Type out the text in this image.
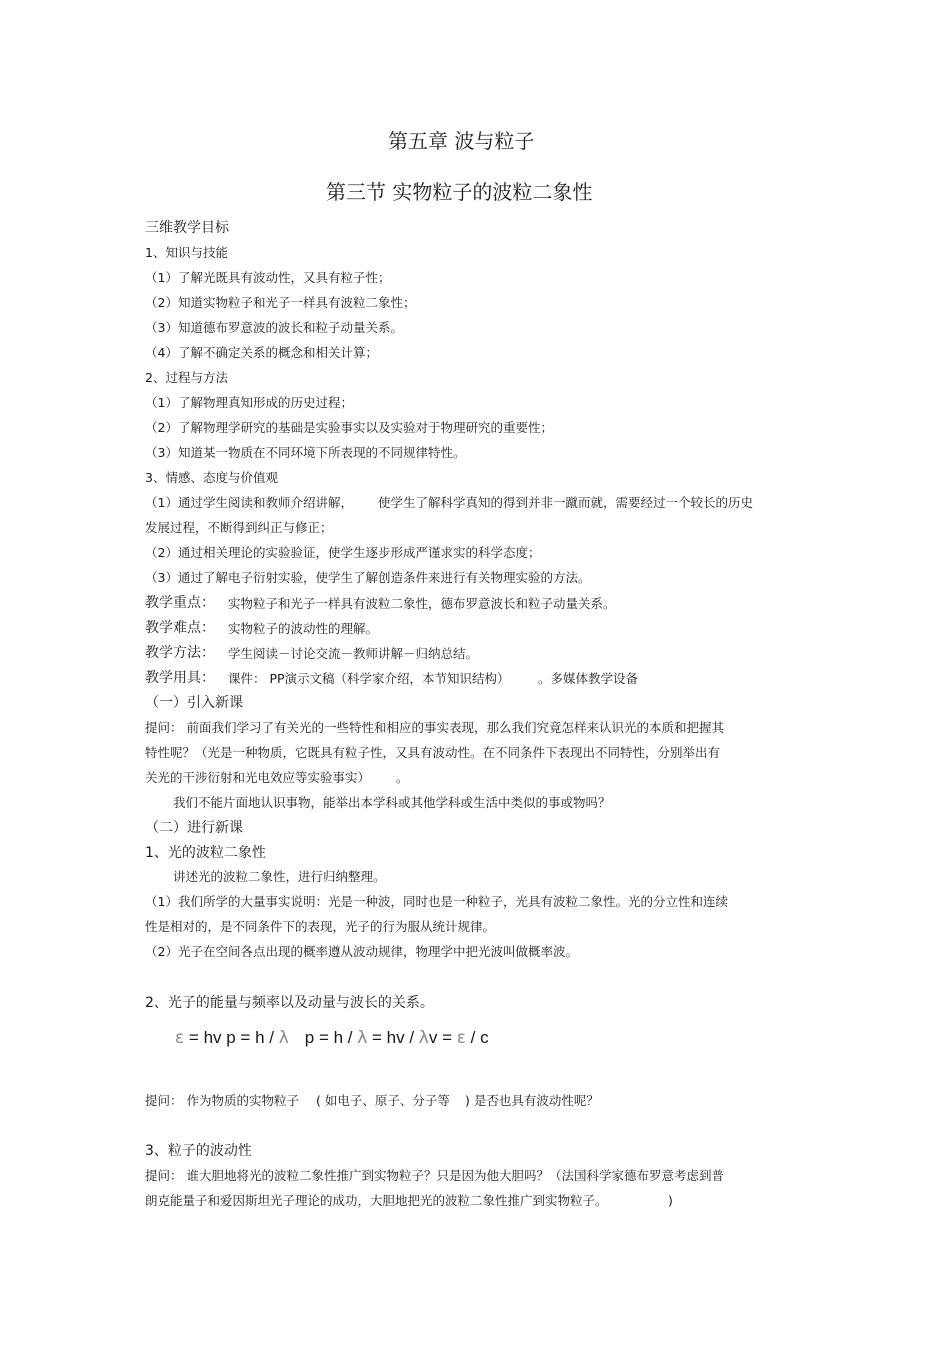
第五章 波与粒子
第三节 实物粒子的波粒二象性
三维教学目标
1、知识与技能
（1）了解光既具有波动性，又具有粒子性；
（2）知道实物粒子和光子一样具有波粒二象性；
（3）知道德布罗意波的波长和粒子动量关系。
（4）了解不确定关系的概念和相关计算；
2、过程与方法
（1）了解物理真知形成的历史过程；
（2）了解物理学研究的基础是实验事实以及实验对于物理研究的重要性；
（3）知道某一物质在不同环境下所表现的不同规律特性。
3、情感、态度与价值观
（1）通过学生阅读和教师介绍讲解， 使学生了解科学真知的得到并非一蹴而就，需要经过一个较长的历史
发展过程，不断得到纠正与修正；
（2）通过相关理论的实验验证，使学生逐步形成严谨求实的科学态度；
（3）通过了解电子衍射实验，使学生了解创造条件来进行有关物理实验的方法。
教学重点： 实物粒子和光子一样具有波粒二象性，德布罗意波长和粒子动量关系。
教学难点： 实物粒子的波动性的理解。
教学方法： 学生阅读－讨论交流－教师讲解－归纳总结。
教学用具： 课件： PP演示文稿（科学家介绍，本节知识结构） 。多媒体教学设备
（一）引入新课
提问： 前面我们学习了有关光的一些特性和相应的事实表现，那么我们究竟怎样来认识光的本质和把握其
特性呢？（光是一种物质，它既具有粒子性，又具有波动性。在不同条件下表现出不同特性，分别举出有
关光的干涉衍射和光电效应等实验事实） 。
我们不能片面地认识事物，能举出本学科或其他学科或生活中类似的事或物吗？
（二）进行新课
1、光的波粒二象性
讲述光的波粒二象性，进行归纳整理。
（1）我们所学的大量事实说明：光是一种波，同时也是一种粒子，光具有波粒二象性。光的分立性和连续
性是相对的，是不同条件下的表现，光子的行为服从统计规律。
（2）光子在空间各点出现的概率遵从波动规律，物理学中把光波叫做概率波。
2、光子的能量与频率以及动量与波长的关系。
ε = hv p = h / λ p = h / λ = hv / λv = ε / c
提问： 作为物质的实物粒子 ( 如电子、原子、分子等 ) 是否也具有波动性呢？
3、粒子的波动性
提问： 谁大胆地将光的波粒二象性推广到实物粒子？只是因为他大胆吗？（法国科学家德布罗意考虑到普
朗克能量子和爱因斯坦光子理论的成功，大胆地把光的波粒二象性推广到实物粒子。	)
